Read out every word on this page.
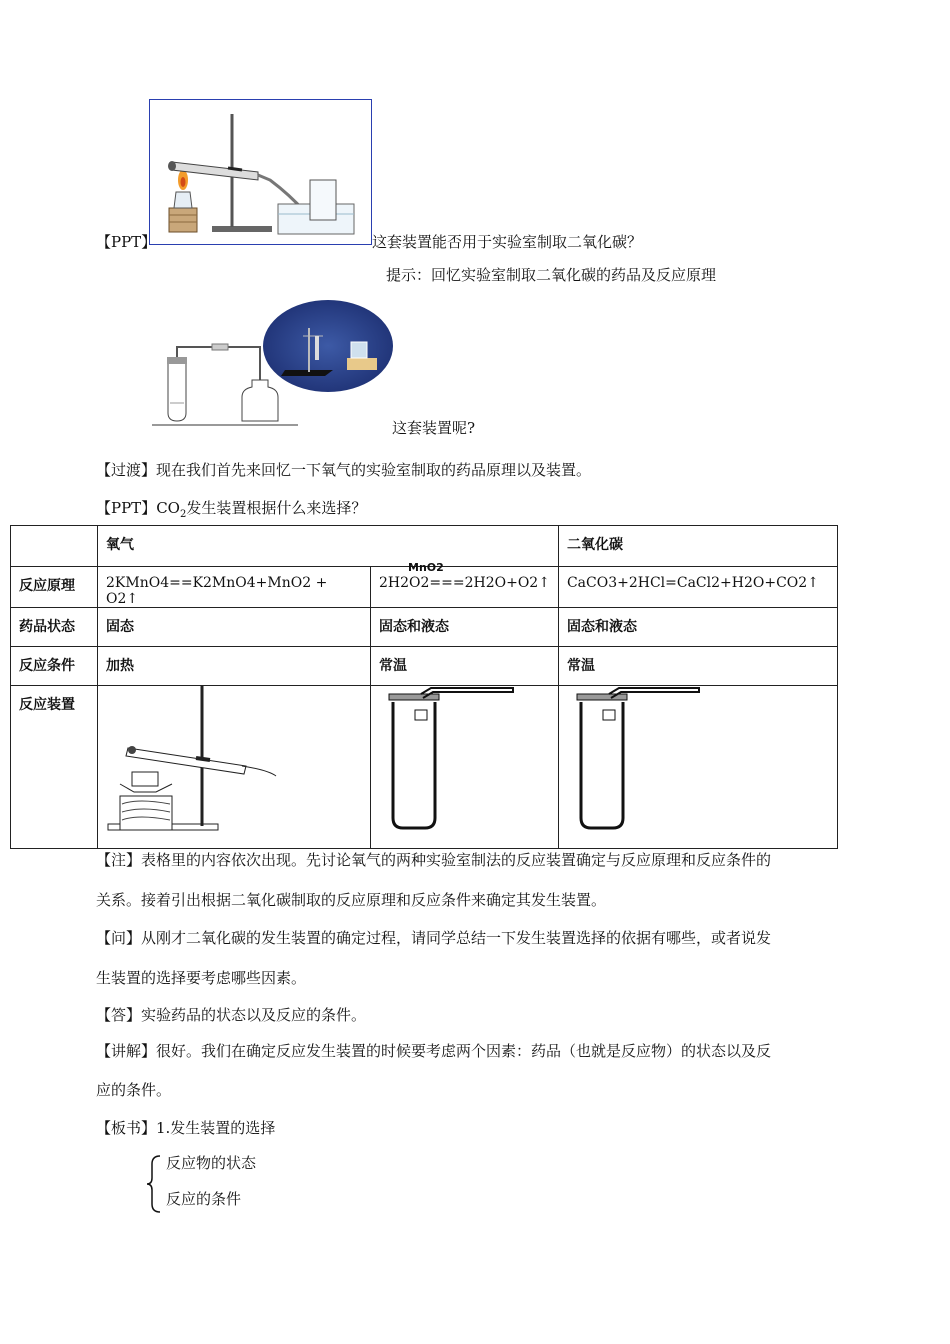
【PPT】	这套装置能否用于实验室制取二氧化碳？
提示：回忆实验室制取二氧化碳的药品及反应原理
这套装置呢?
【过渡】现在我们首先来回忆一下氧气的实验室制取的药品原理以及装置。
【PPT】$CO_2$发生装置根据什么来选择？
	氧气		二氧化碳
反应原理	2KMnO4==K2MnO4+MnO2 + O2↑	2H2O2===2H2O+O2↑	CaCO3+2HCl=CaCl2+H2O+CO2↑
药品状态	固态	固态和液态	固态和液态
反应条件	加热	常温	常温
反应装置			
MnO2
【注】表格里的内容依次出现。先讨论氧气的两种实验室制法的反应装置确定与反应原理和反应条件的
关系。接着引出根据二氧化碳制取的反应原理和反应条件来确定其发生装置。
【问】从刚才二氧化碳的发生装置的确定过程，请同学总结一下发生装置选择的依据有哪些，或者说发
生装置的选择要考虑哪些因素。
【答】实验药品的状态以及反应的条件。
【讲解】很好。我们在确定反应发生装置的时候要考虑两个因素：药品（也就是反应物）的状态以及反
应的条件。
【板书】1.发生装置的选择
反应物的状态
反应的条件
